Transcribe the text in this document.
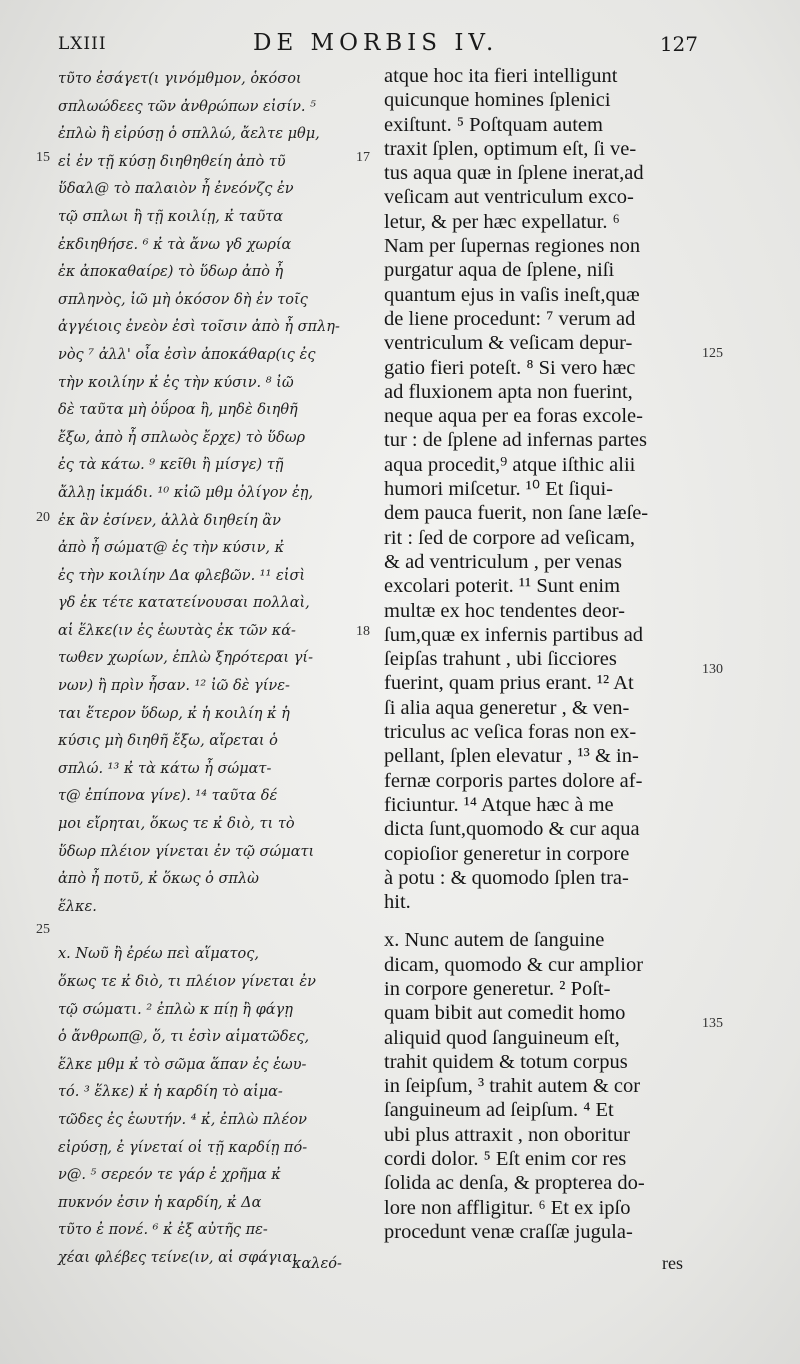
LXIII	DE MORBIS IV.	127
τῦτο ἐσάγετ(ι γινόμθμον, ὁκόσοι
σπλωώδεες τῶν ἀνθρώπων εἰσίν. ⁵
ἐπλὼ ἢ εἰρύσῃ ὁ σπλλώ, ἄελτε μθμ,
εἰ ἐν τῇ κύσῃ διηθηθείη ἀπὸ τῦ
ὕδαλ@ τὸ παλαιὸν ἦ ἐνεόνζς ἐν
τῷ σπλωι ἢ τῇ κοιλίῃ, κ̓ ταῦτα
ἐκδιηθήσε. ⁶ κ̓ τὰ ἄνω γδ χωρία
ἐκ ἀποκαθαίρε) τὸ ὕδωρ ἀπὸ ἦ
σπληνὸς, ἰῶ μὴ ὁκόσον δὴ ἐν τοῖς
ἀγγέιοις ἐνεὸν ἐσὶ τοῖσιν ἀπὸ ἦ σπλη-
νὸς ⁷ ἀλλ' οἶα ἐσὶν ἀποκάθαρ(ις ἐς
τὴν κοιλίην κ̓ ἐς τὴν κύσιν. ⁸ ἰῶ
δὲ ταῦτα μὴ ὀΰροα ἢ, μηδὲ διηθῆ
ἔξω, ἀπὸ ἦ σπλωὸς ἔρχε) τὸ ὕδωρ
ἐς τὰ κάτω. ⁹ κεῖθι ἢ μίσγε) τῇ
ἄλλῃ ἰκμάδι. ¹⁰ κἰῶ μθμ ὀλίγον ἐῃ,
ἐκ ἂν ἐσίνεν, ἀλλὰ διηθείη ἂν
ἀπὸ ἦ σώματ@ ἐς τὴν κύσιν, κ̓
ἐς τὴν κοιλίην Δα φλεβῶν. ¹¹ εἰσὶ
γδ ἐκ τέτε κατατείνουσαι πολλαὶ,
αἱ ἕλκε(ιν ἐς ἑωυτὰς ἐκ τῶν κά-
τωθεν χωρίων, ἐπλὼ ξηρότεραι γί-
νων) ἢ πρὶν ἦσαν. ¹² ἰῶ δὲ γίνε-
ται ἕτερον ὕδωρ, κ̓ ἡ κοιλίη κ̓ ἡ
κύσις μὴ διηθῆ ἔξω, αἴρεται ὁ
σπλώ. ¹³ κ̓ τὰ κάτω ἦ σώματ-
τ@ ἐπίπονα γίνε). ¹⁴ ταῦτα δέ
μοι εἴρηται, ὅκως τε κ̓ διὸ, τι τὸ
ὕδωρ πλέιον γίνεται ἐν τῷ σώματι
ἀπὸ ἦ ποτῦ, κ̓ ὅκως ὁ σπλὼ
ἕλκε.
x. Νωῦ ἢ ἐρέω πεὶ αἵματος,
ὅκως τε κ̓ διὸ, τι πλέιον γίνεται ἐν
τῷ σώματι. ² ἐπλὼ κ πίῃ ἢ φάγῃ
ὁ ἄνθρωπ@, ὅ, τι ἐσὶν αἱματῶδες,
ἕλκε μθμ κ̓ τὸ σῶμα ἅπαν ἐς ἑωυ-
τό. ³ ἕλκε) κ̓ ἡ καρδίη τὸ αἱμα-
τῶδες ἐς ἑωυτήν. ⁴ κ̓, ἐπλὼ πλέον
εἰρύσῃ, ἐ γίνεταί οἱ τῇ καρδίῃ πό-
ν@. ⁵ σερεόν τε γάρ ἐ χρῆμα κ̓
πυκνόν ἐσιν ἡ καρδίη, κ̓ Δα
τῦτο ἐ πονέ. ⁶ κ̓ ἐξ αὐτῆς πε-
χέαι φλέβες τείνε(ιν, αἱ σφάγιαι
atque hoc ita fieri intelligunt
quicunque homines ſplenici
exiſtunt. ⁵ Poſtquam autem
traxit ſplen, optimum eſt, ſi ve-
tus aqua quæ in ſplene inerat,ad
veſicam aut ventriculum exco-
letur, & per hæc expellatur. ⁶
Nam per ſupernas regiones non
purgatur aqua de ſplene, niſi
quantum ejus in vaſis ineſt,quæ
de liene procedunt: ⁷ verum ad
ventriculum & veſicam depur-
gatio fieri poteſt. ⁸ Si vero hæc
ad fluxionem apta non fuerint,
neque aqua per ea foras excole-
tur : de ſplene ad infernas partes
aqua procedit,⁹ atque iſthic alii
humori miſcetur. ¹⁰ Et ſiqui-
dem pauca fuerit, non ſane læſe-
rit : ſed de corpore ad veſicam,
& ad ventriculum , per venas
excolari poterit. ¹¹ Sunt enim
multæ ex hoc tendentes deor-
ſum,quæ ex infernis partibus ad
ſeipſas trahunt , ubi ſicciores
fuerint, quam prius erant. ¹² At
ſi alia aqua generetur , & ven-
triculus ac veſica foras non ex-
pellant, ſplen elevatur , ¹³ & in-
fernæ corporis partes dolore af-
ficiuntur. ¹⁴ Atque hæc à me
dicta ſunt,quomodo & cur aqua
copioſior generetur in corpore
à potu : & quomodo ſplen tra-
hit.
x. Nunc autem de ſanguine
dicam, quomodo & cur amplior
in corpore generetur. ² Poſt-
quam bibit aut comedit homo
aliquid quod ſanguineum eſt,
trahit quidem & totum corpus
in ſeipſum, ³ trahit autem & cor
ſanguineum ad ſeipſum. ⁴ Et
ubi plus attraxit , non oboritur
cordi dolor. ⁵ Eſt enim cor res
ſolida ac denſa, & propterea do-
lore non affligitur. ⁶ Et ex ipſo
procedunt venæ craſſæ jugula-
15	17
20
18
25
125
130
135
καλεό-	res
